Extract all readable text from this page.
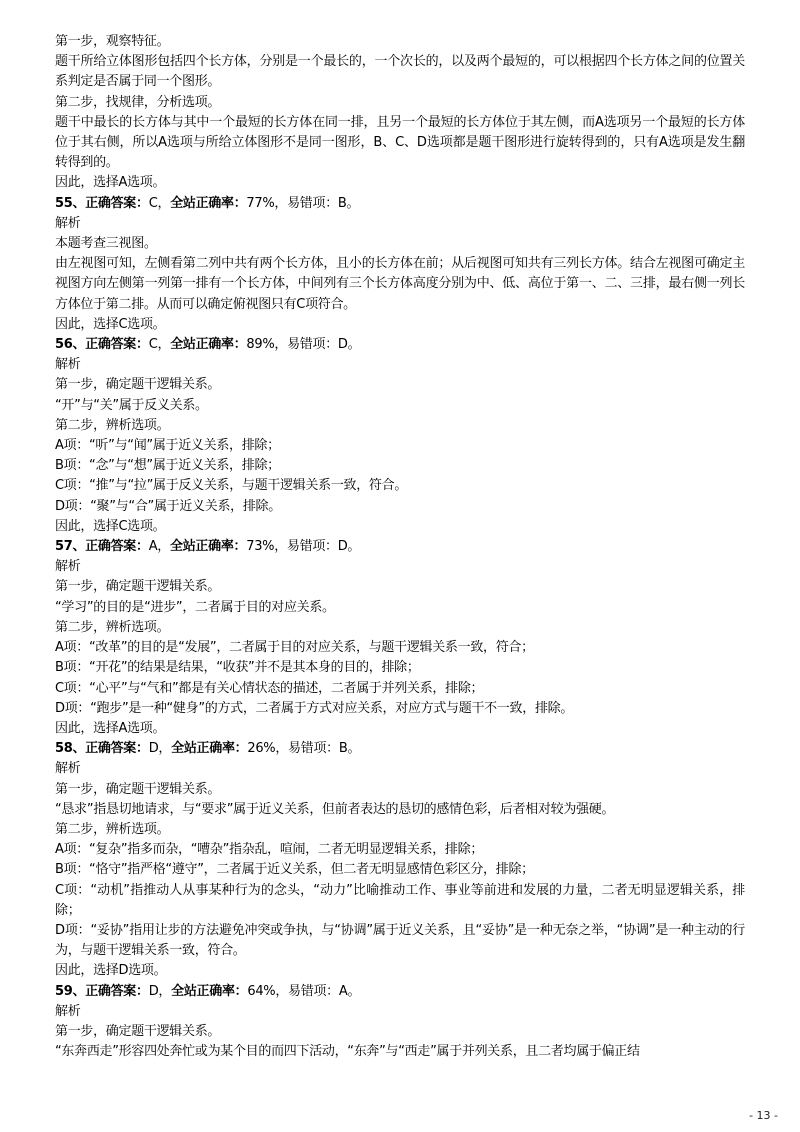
第一步，观察特征。
题干所给立体图形包括四个长方体，分别是一个最长的，一个次长的，以及两个最短的，可以根据四个长方体之间的位置关系判定是否属于同一个图形。
第二步，找规律，分析选项。
题干中最长的长方体与其中一个最短的长方体在同一排，且另一个最短的长方体位于其左侧，而A选项另一个最短的长方体位于其右侧，所以A选项与所给立体图形不是同一图形，B、C、D选项都是题干图形进行旋转得到的，只有A选项是发生翻转得到的。
因此，选择A选项。
55、正确答案：C，全站正确率：77%，易错项：B。
解析
本题考查三视图。
由左视图可知，左侧看第二列中共有两个长方体，且小的长方体在前；从后视图可知共有三列长方体。结合左视图可确定主视图方向左侧第一列第一排有一个长方体，中间列有三个长方体高度分别为中、低、高位于第一、二、三排，最右侧一列长方体位于第二排。从而可以确定俯视图只有C项符合。
因此，选择C选项。
56、正确答案：C，全站正确率：89%，易错项：D。
解析
第一步，确定题干逻辑关系。
“开”与“关”属于反义关系。
第二步，辨析选项。
A项：“听”与“闻”属于近义关系，排除；
B项：“念”与“想”属于近义关系，排除；
C项：“推”与“拉”属于反义关系，与题干逻辑关系一致，符合。
D项：“聚”与“合”属于近义关系，排除。
因此，选择C选项。
57、正确答案：A，全站正确率：73%，易错项：D。
解析
第一步，确定题干逻辑关系。
“学习”的目的是“进步”，二者属于目的对应关系。
第二步，辨析选项。
A项：“改革”的目的是“发展”，二者属于目的对应关系，与题干逻辑关系一致，符合；
B项：“开花”的结果是结果，“收获”并不是其本身的目的，排除；
C项：“心平”与“气和”都是有关心情状态的描述，二者属于并列关系，排除；
D项：“跑步”是一种“健身”的方式，二者属于方式对应关系，对应方式与题干不一致，排除。
因此，选择A选项。
58、正确答案：D，全站正确率：26%，易错项：B。
解析
第一步，确定题干逻辑关系。
“恳求”指恳切地请求，与“要求”属于近义关系，但前者表达的恳切的感情色彩，后者相对较为强硬。
第二步，辨析选项。
A项：“复杂”指多而杂，“嘈杂”指杂乱，喧闹，二者无明显逻辑关系，排除；
B项：“恪守”指严格“遵守”，二者属于近义关系，但二者无明显感情色彩区分，排除；
C项：“动机”指推动人从事某种行为的念头，“动力”比喻推动工作、事业等前进和发展的力量，二者无明显逻辑关系，排除；
D项：“妥协”指用让步的方法避免冲突或争执，与“协调”属于近义关系，且“妥协”是一种无奈之举，“协调”是一种主动的行为，与题干逻辑关系一致，符合。
因此，选择D选项。
59、正确答案：D，全站正确率：64%，易错项：A。
解析
第一步，确定题干逻辑关系。
“东奔西走”形容四处奔忙或为某个目的而四下活动，“东奔”与“西走”属于并列关系，且二者均属于偏正结
- 13 -
